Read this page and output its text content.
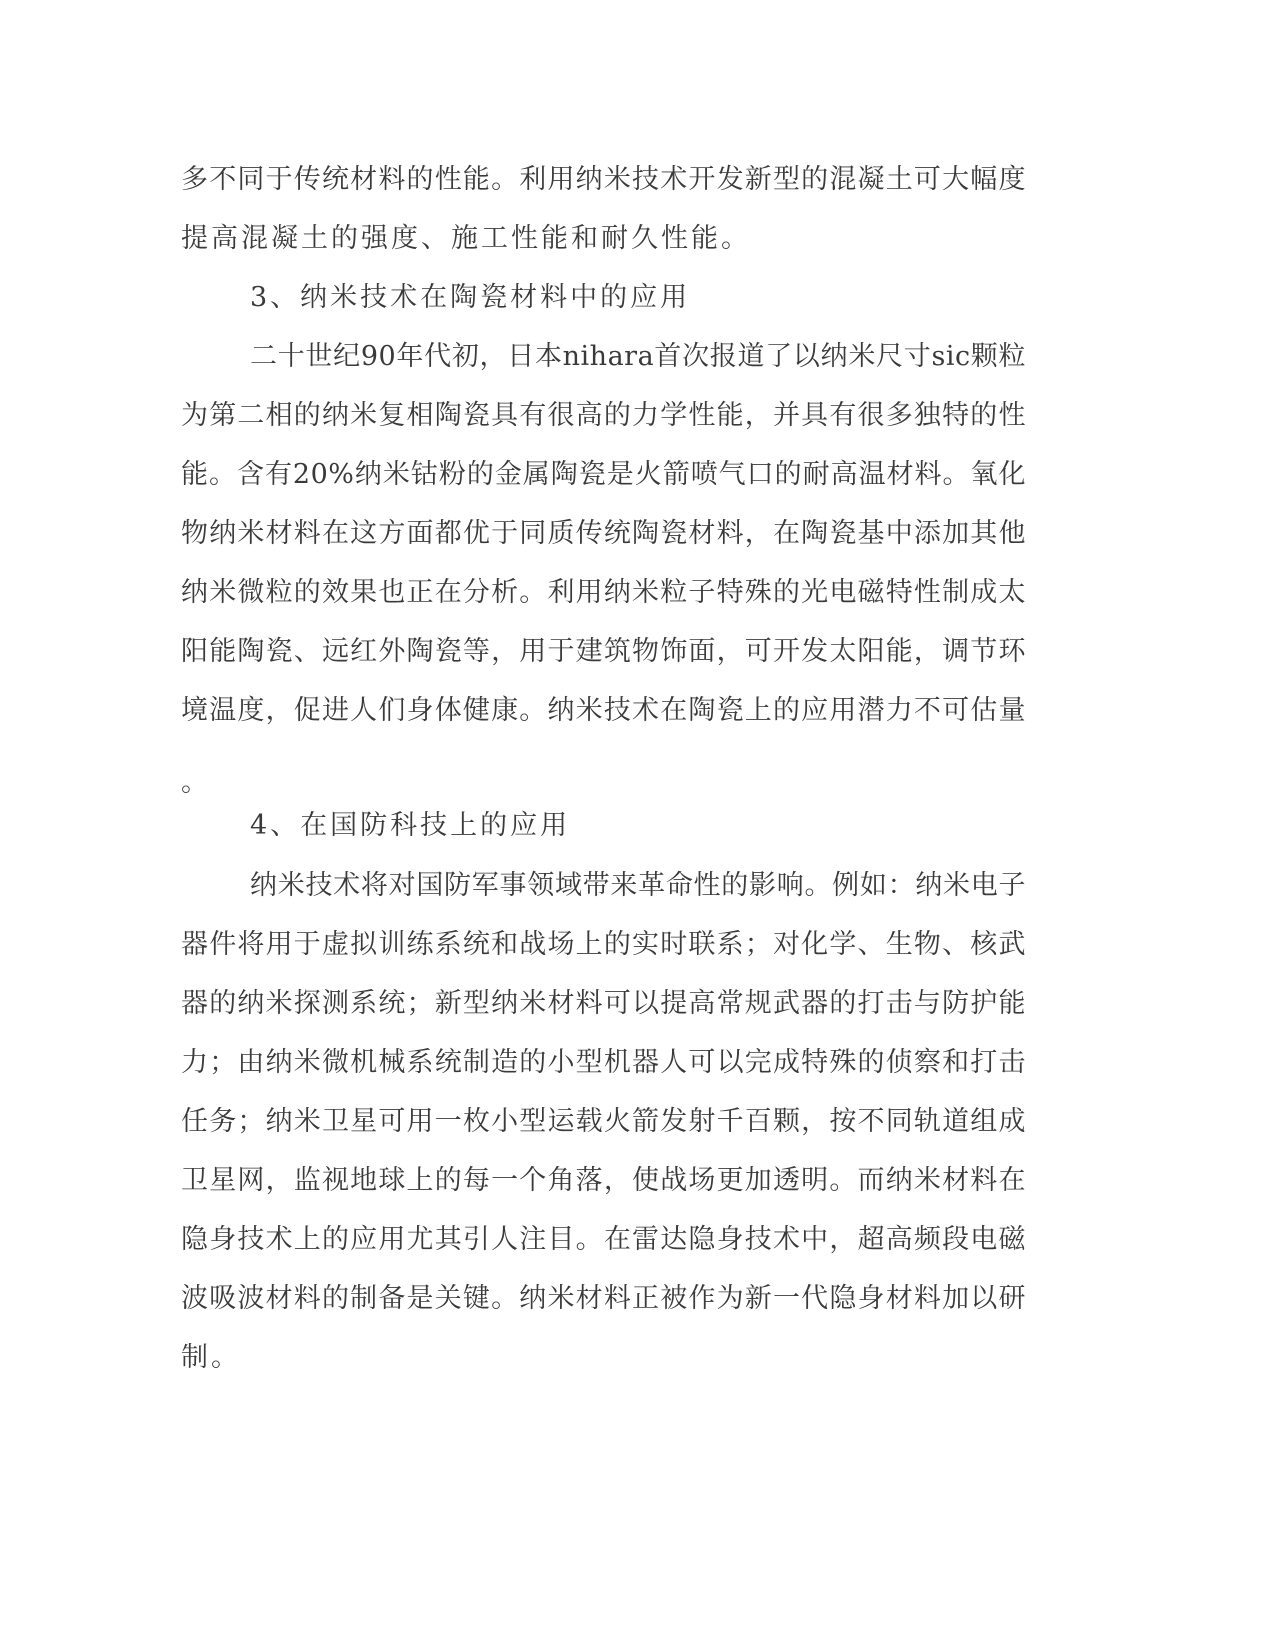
多不同于传统材料的性能。利用纳米技术开发新型的混凝土可大幅度
提高混凝土的强度、施工性能和耐久性能。
3、纳米技术在陶瓷材料中的应用
二十世纪90年代初，日本nihara首次报道了以纳米尺寸sic颗粒
为第二相的纳米复相陶瓷具有很高的力学性能，并具有很多独特的性
能。含有20%纳米钴粉的金属陶瓷是火箭喷气口的耐高温材料。氧化
物纳米材料在这方面都优于同质传统陶瓷材料，在陶瓷基中添加其他
纳米微粒的效果也正在分析。利用纳米粒子特殊的光电磁特性制成太
阳能陶瓷、远红外陶瓷等，用于建筑物饰面，可开发太阳能，调节环
境温度，促进人们身体健康。纳米技术在陶瓷上的应用潜力不可估量
。
4、在国防科技上的应用
纳米技术将对国防军事领域带来革命性的影响。例如：纳米电子
器件将用于虚拟训练系统和战场上的实时联系；对化学、生物、核武
器的纳米探测系统；新型纳米材料可以提高常规武器的打击与防护能
力；由纳米微机械系统制造的小型机器人可以完成特殊的侦察和打击
任务；纳米卫星可用一枚小型运载火箭发射千百颗，按不同轨道组成
卫星网，监视地球上的每一个角落，使战场更加透明。而纳米材料在
隐身技术上的应用尤其引人注目。在雷达隐身技术中，超高频段电磁
波吸波材料的制备是关键。纳米材料正被作为新一代隐身材料加以研
制。
